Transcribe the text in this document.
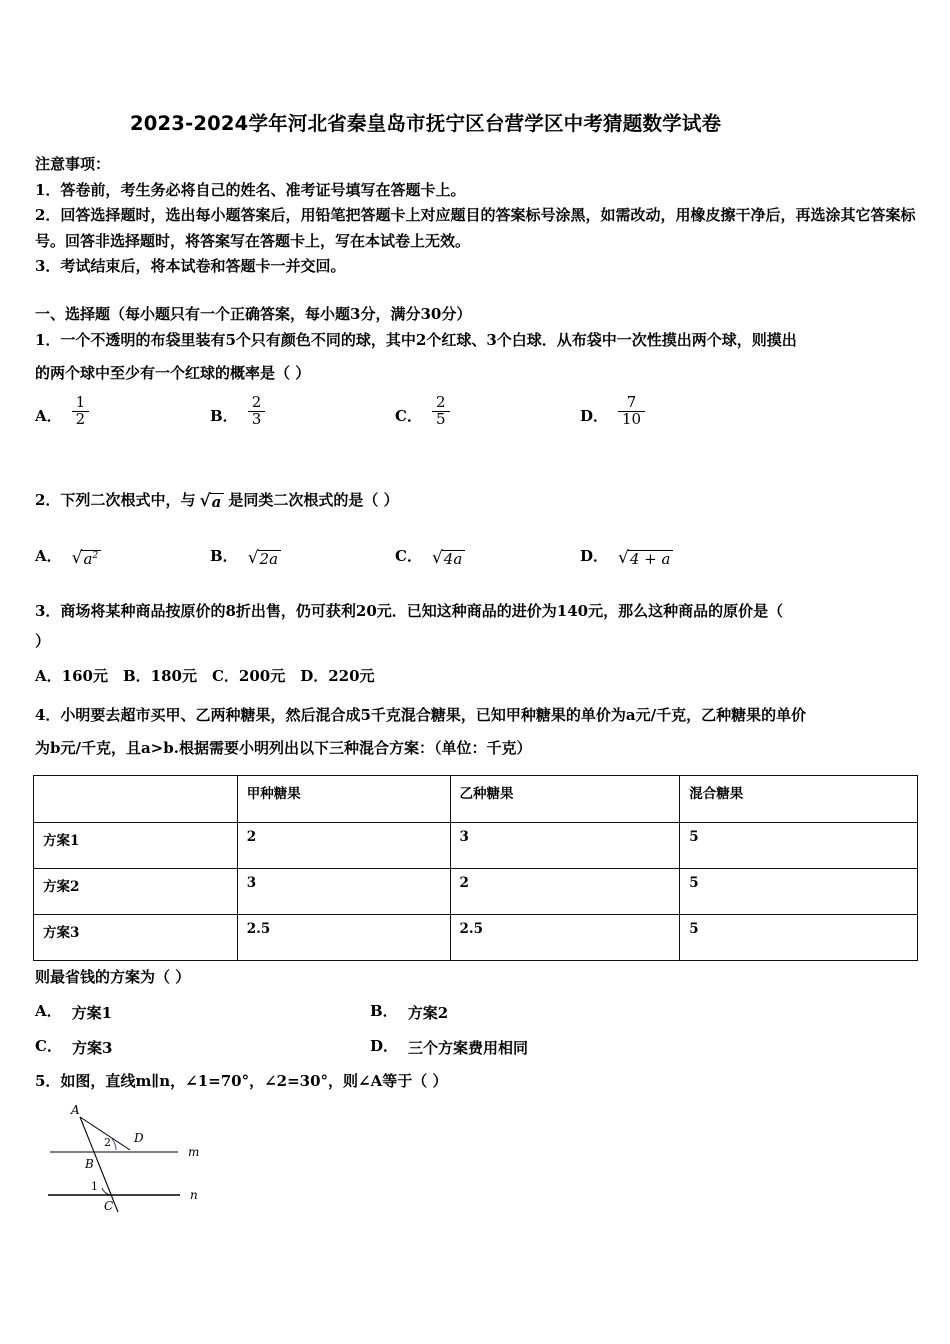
2023-2024学年河北省秦皇岛市抚宁区台营学区中考猜题数学试卷
注意事项：
1．答卷前，考生务必将自己的姓名、准考证号填写在答题卡上。
2．回答选择题时，选出每小题答案后，用铅笔把答题卡上对应题目的答案标号涂黑，如需改动，用橡皮擦干净后，再选涂其它答案标号。回答非选择题时，将答案写在答题卡上，写在本试卷上无效。
3．考试结束后，将本试卷和答题卡一并交回。
一、选择题（每小题只有一个正确答案，每小题3分，满分30分）
1．一个不透明的布袋里装有5个只有颜色不同的球，其中2个红球、3个白球．从布袋中一次性摸出两个球，则摸出
的两个球中至少有一个红球的概率是（ ）
A． $\frac{1}{2}$	B． $\frac{2}{3}$	C． $\frac{2}{5}$	D． $\frac{7}{10}$
2．下列二次根式中，与 √ a 是同类二次根式的是（ ）
A． √ $a^2$	B． √ 2a	C． √ 4a	D． √ 4 + a
3．商场将某种商品按原价的8折出售，仍可获利20元．已知这种商品的进价为140元，那么这种商品的原价是（
）
A．160元　B．180元　C．200元　D．220元
4．小明要去超市买甲、乙两种糖果，然后混合成5千克混合糖果，已知甲种糖果的单价为a元/千克，乙种糖果的单价
为b元/千克，且a>b.根据需要小明列出以下三种混合方案：（单位：千克）
	甲种糖果	乙种糖果	混合糖果
方案1	2	3	5
方案2	3	2	5
方案3	2.5	2.5	5
则最省钱的方案为（ ）
A． 方案1	B． 方案2
C． 方案3	D． 三个方案费用相同
5．如图，直线m∥n，∠1=70°，∠2=30°，则∠A等于（ ）
A
B
C
D
m
n
2
1
